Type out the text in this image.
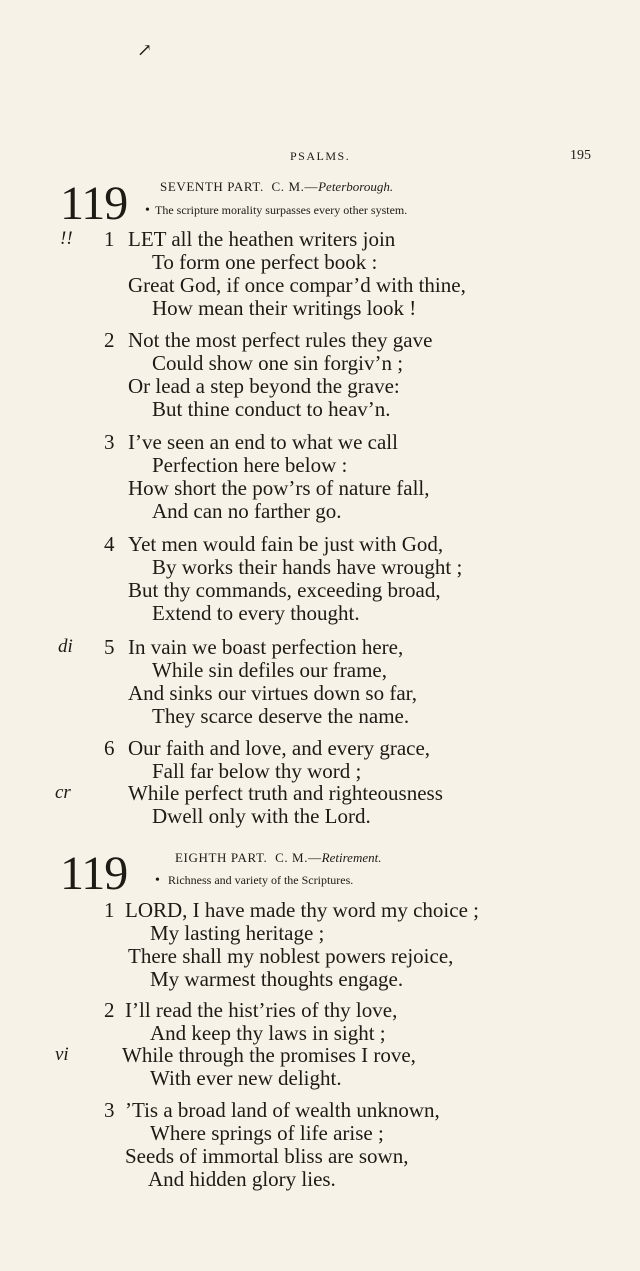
↗
PSALMS.	195
119 •
SEVENTH PART. C. M.—Peterborough.
The scripture morality surpasses every other system.
!! 1 LET all the heathen writers join
To form one perfect book :
Great God, if once compar’d with thine,
How mean their writings look !
2 Not the most perfect rules they gave
Could show one sin forgiv’n ;
Or lead a step beyond the grave:
But thine conduct to heav’n.
3 I’ve seen an end to what we call
Perfection here below :
How short the pow’rs of nature fall,
And can no farther go.
4 Yet men would fain be just with God,
By works their hands have wrought ;
But thy commands, exceeding broad,
Extend to every thought.
di 5 In vain we boast perfection here,
While sin defiles our frame,
And sinks our virtues down so far,
They scarce deserve the name.
6 Our faith and love, and every grace,
Fall far below thy word ;
cr	While perfect truth and righteousness
Dwell only with the Lord.
119 •
EIGHTH PART. C. M.—Retirement.
Richness and variety of the Scriptures.
1 LORD, I have made thy word my choice ;
My lasting heritage ;
There shall my noblest powers rejoice,
My warmest thoughts engage.
2 I’ll read the hist’ries of thy love,
And keep thy laws in sight ;
vi	While through the promises I rove,
With ever new delight.
3 ’Tis a broad land of wealth unknown,
Where springs of life arise ;
Seeds of immortal bliss are sown,
And hidden glory lies.
